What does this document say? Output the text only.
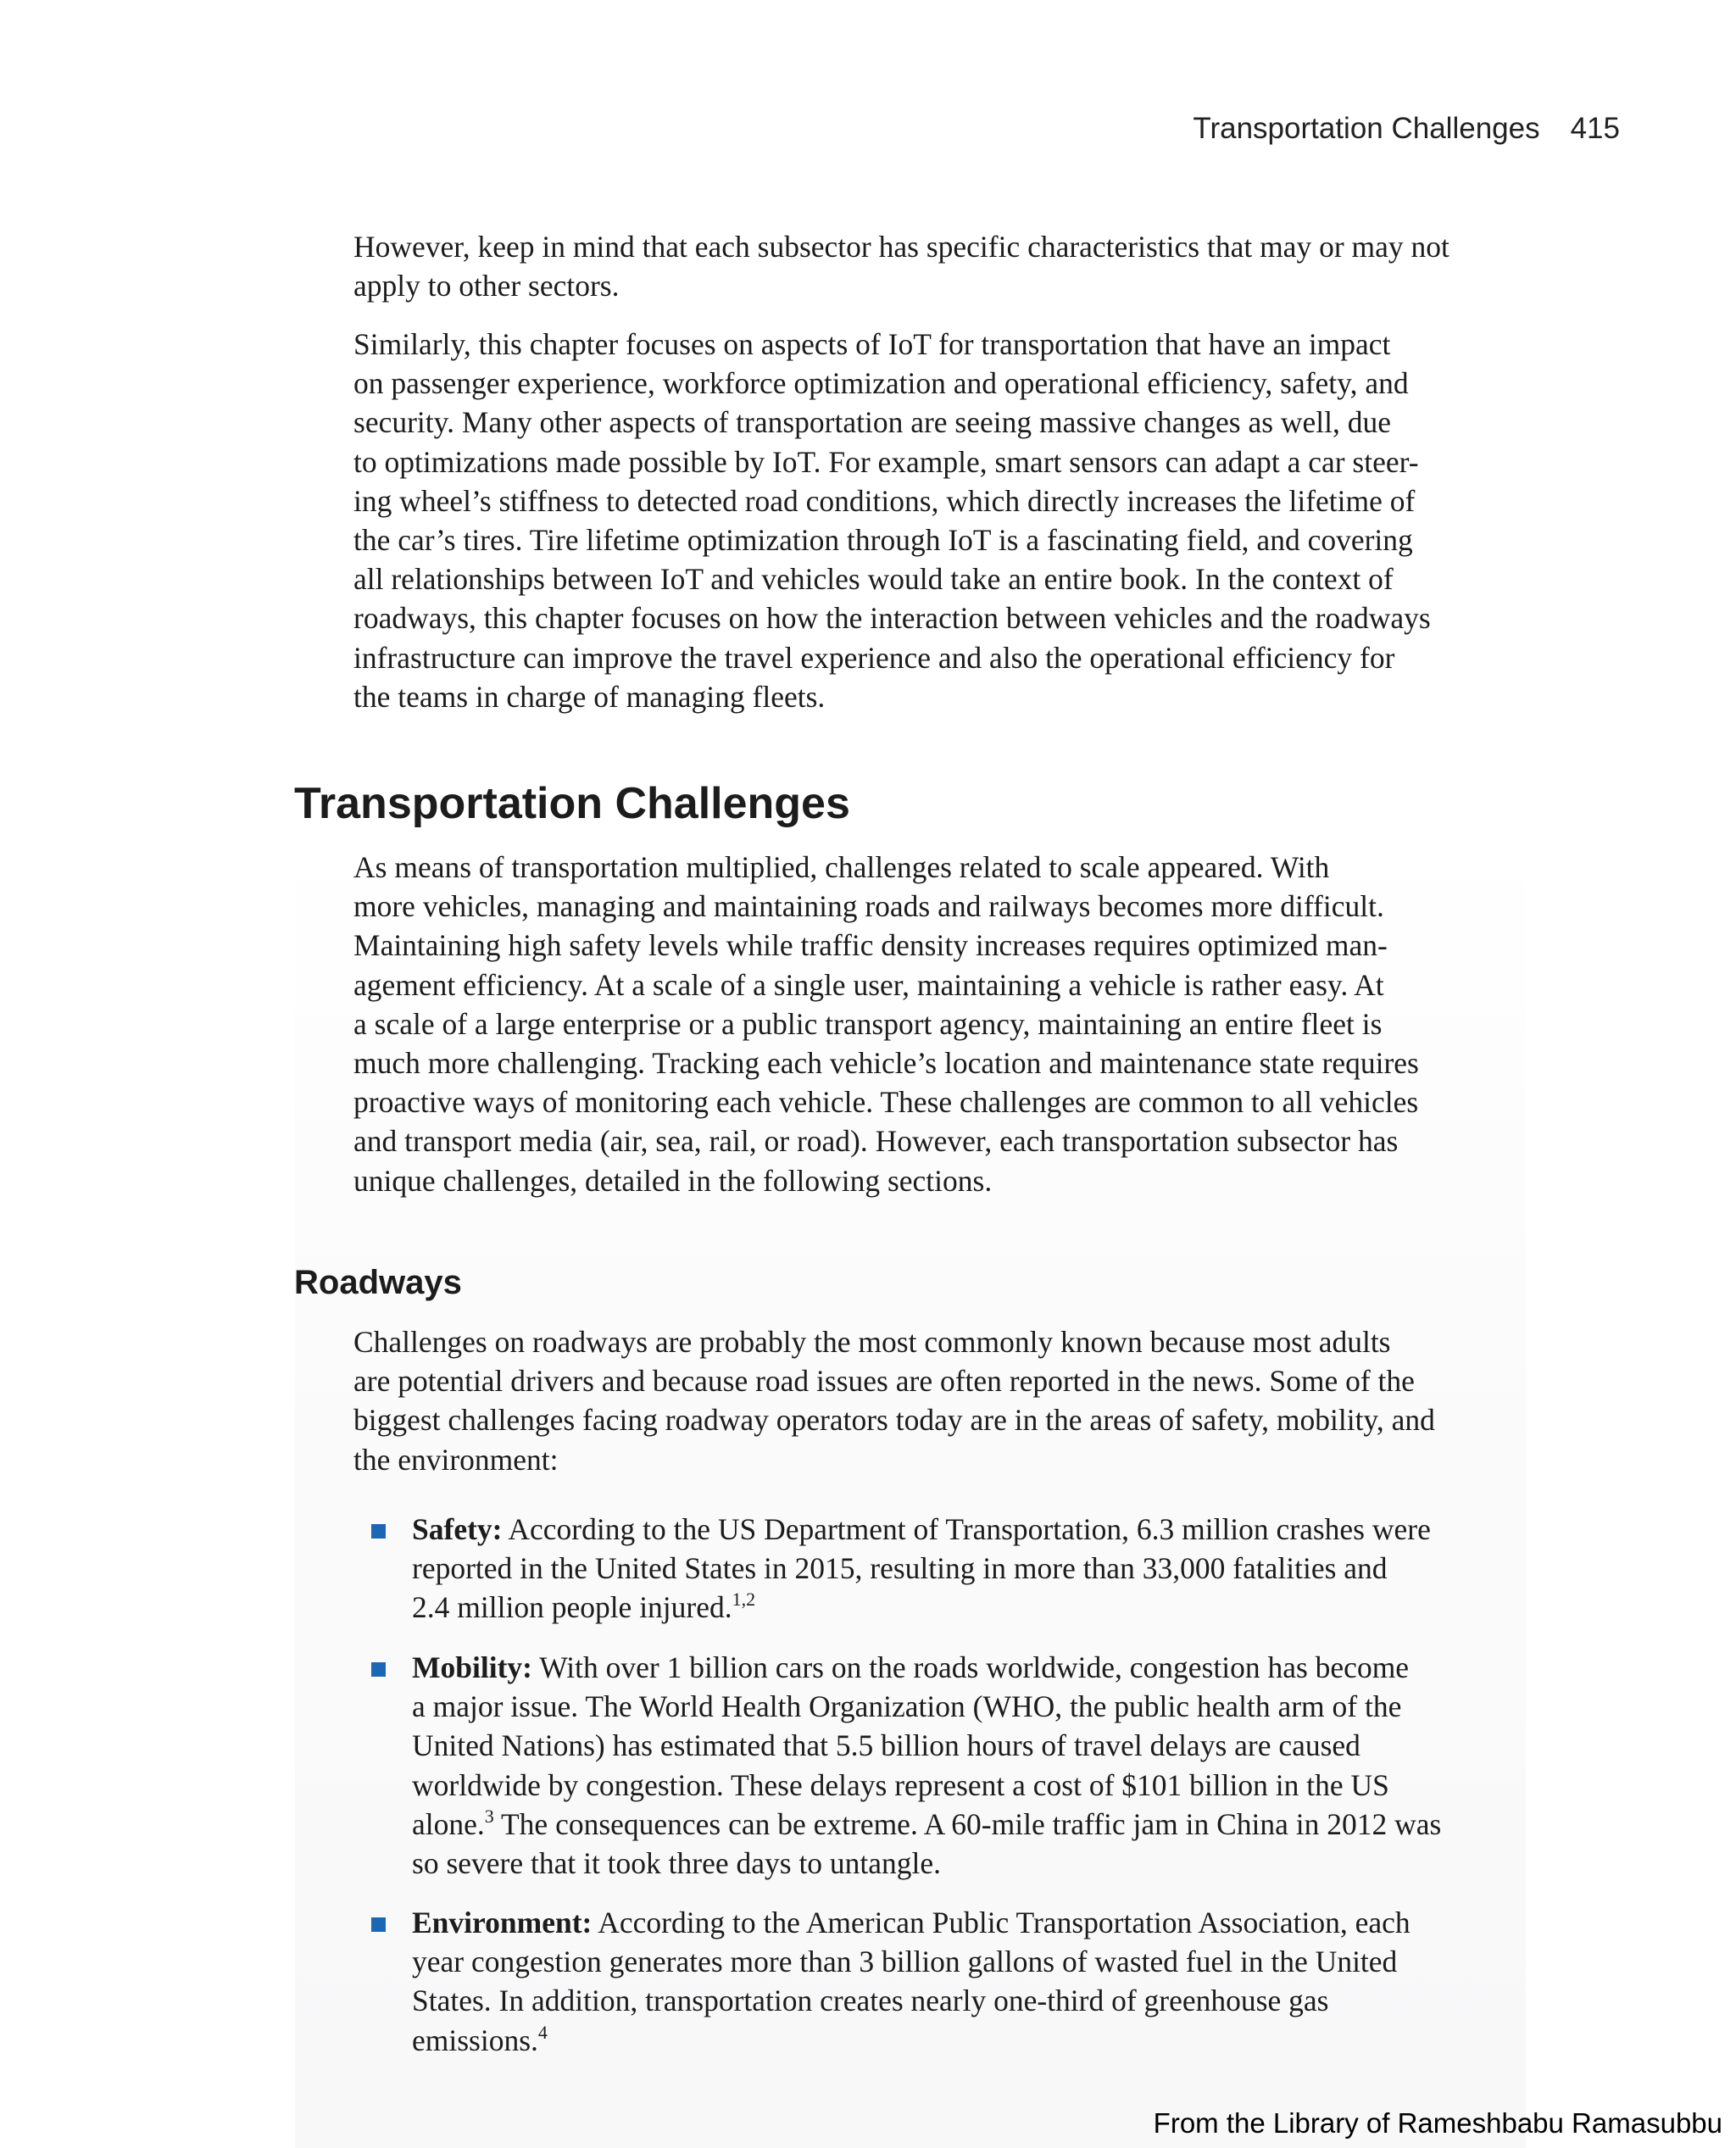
Transportation Challenges 415
However, keep in mind that each subsector has specific characteristics that may or may not
apply to other sectors.
Similarly, this chapter focuses on aspects of IoT for transportation that have an impact
on passenger experience, workforce optimization and operational efficiency, safety, and
security. Many other aspects of transportation are seeing massive changes as well, due
to optimizations made possible by IoT. For example, smart sensors can adapt a car steer-
ing wheel’s stiffness to detected road conditions, which directly increases the lifetime of
the car’s tires. Tire lifetime optimization through IoT is a fascinating field, and covering
all relationships between IoT and vehicles would take an entire book. In the context of
roadways, this chapter focuses on how the interaction between vehicles and the roadways
infrastructure can improve the travel experience and also the operational efficiency for
the teams in charge of managing fleets.
Transportation Challenges
As means of transportation multiplied, challenges related to scale appeared. With
more vehicles, managing and maintaining roads and railways becomes more difficult.
Maintaining high safety levels while traffic density increases requires optimized man-
agement efficiency. At a scale of a single user, maintaining a vehicle is rather easy. At
a scale of a large enterprise or a public transport agency, maintaining an entire fleet is
much more challenging. Tracking each vehicle’s location and maintenance state requires
proactive ways of monitoring each vehicle. These challenges are common to all vehicles
and transport media (air, sea, rail, or road). However, each transportation subsector has
unique challenges, detailed in the following sections.
Roadways
Challenges on roadways are probably the most commonly known because most adults
are potential drivers and because road issues are often reported in the news. Some of the
biggest challenges facing roadway operators today are in the areas of safety, mobility, and
the environment:
Safety: According to the US Department of Transportation, 6.3 million crashes were
reported in the United States in 2015, resulting in more than 33,000 fatalities and
2.4 million people injured.$^{1,2}$
Mobility: With over 1 billion cars on the roads worldwide, congestion has become
a major issue. The World Health Organization (WHO, the public health arm of the
United Nations) has estimated that 5.5 billion hours of travel delays are caused
worldwide by congestion. These delays represent a cost of $101 billion in the US
alone.$^3$ The consequences can be extreme. A 60-mile traffic jam in China in 2012 was
so severe that it took three days to untangle.
Environment: According to the American Public Transportation Association, each
year congestion generates more than 3 billion gallons of wasted fuel in the United
States. In addition, transportation creates nearly one-third of greenhouse gas
emissions.$^4$
From the Library of Rameshbabu Ramasubbu
